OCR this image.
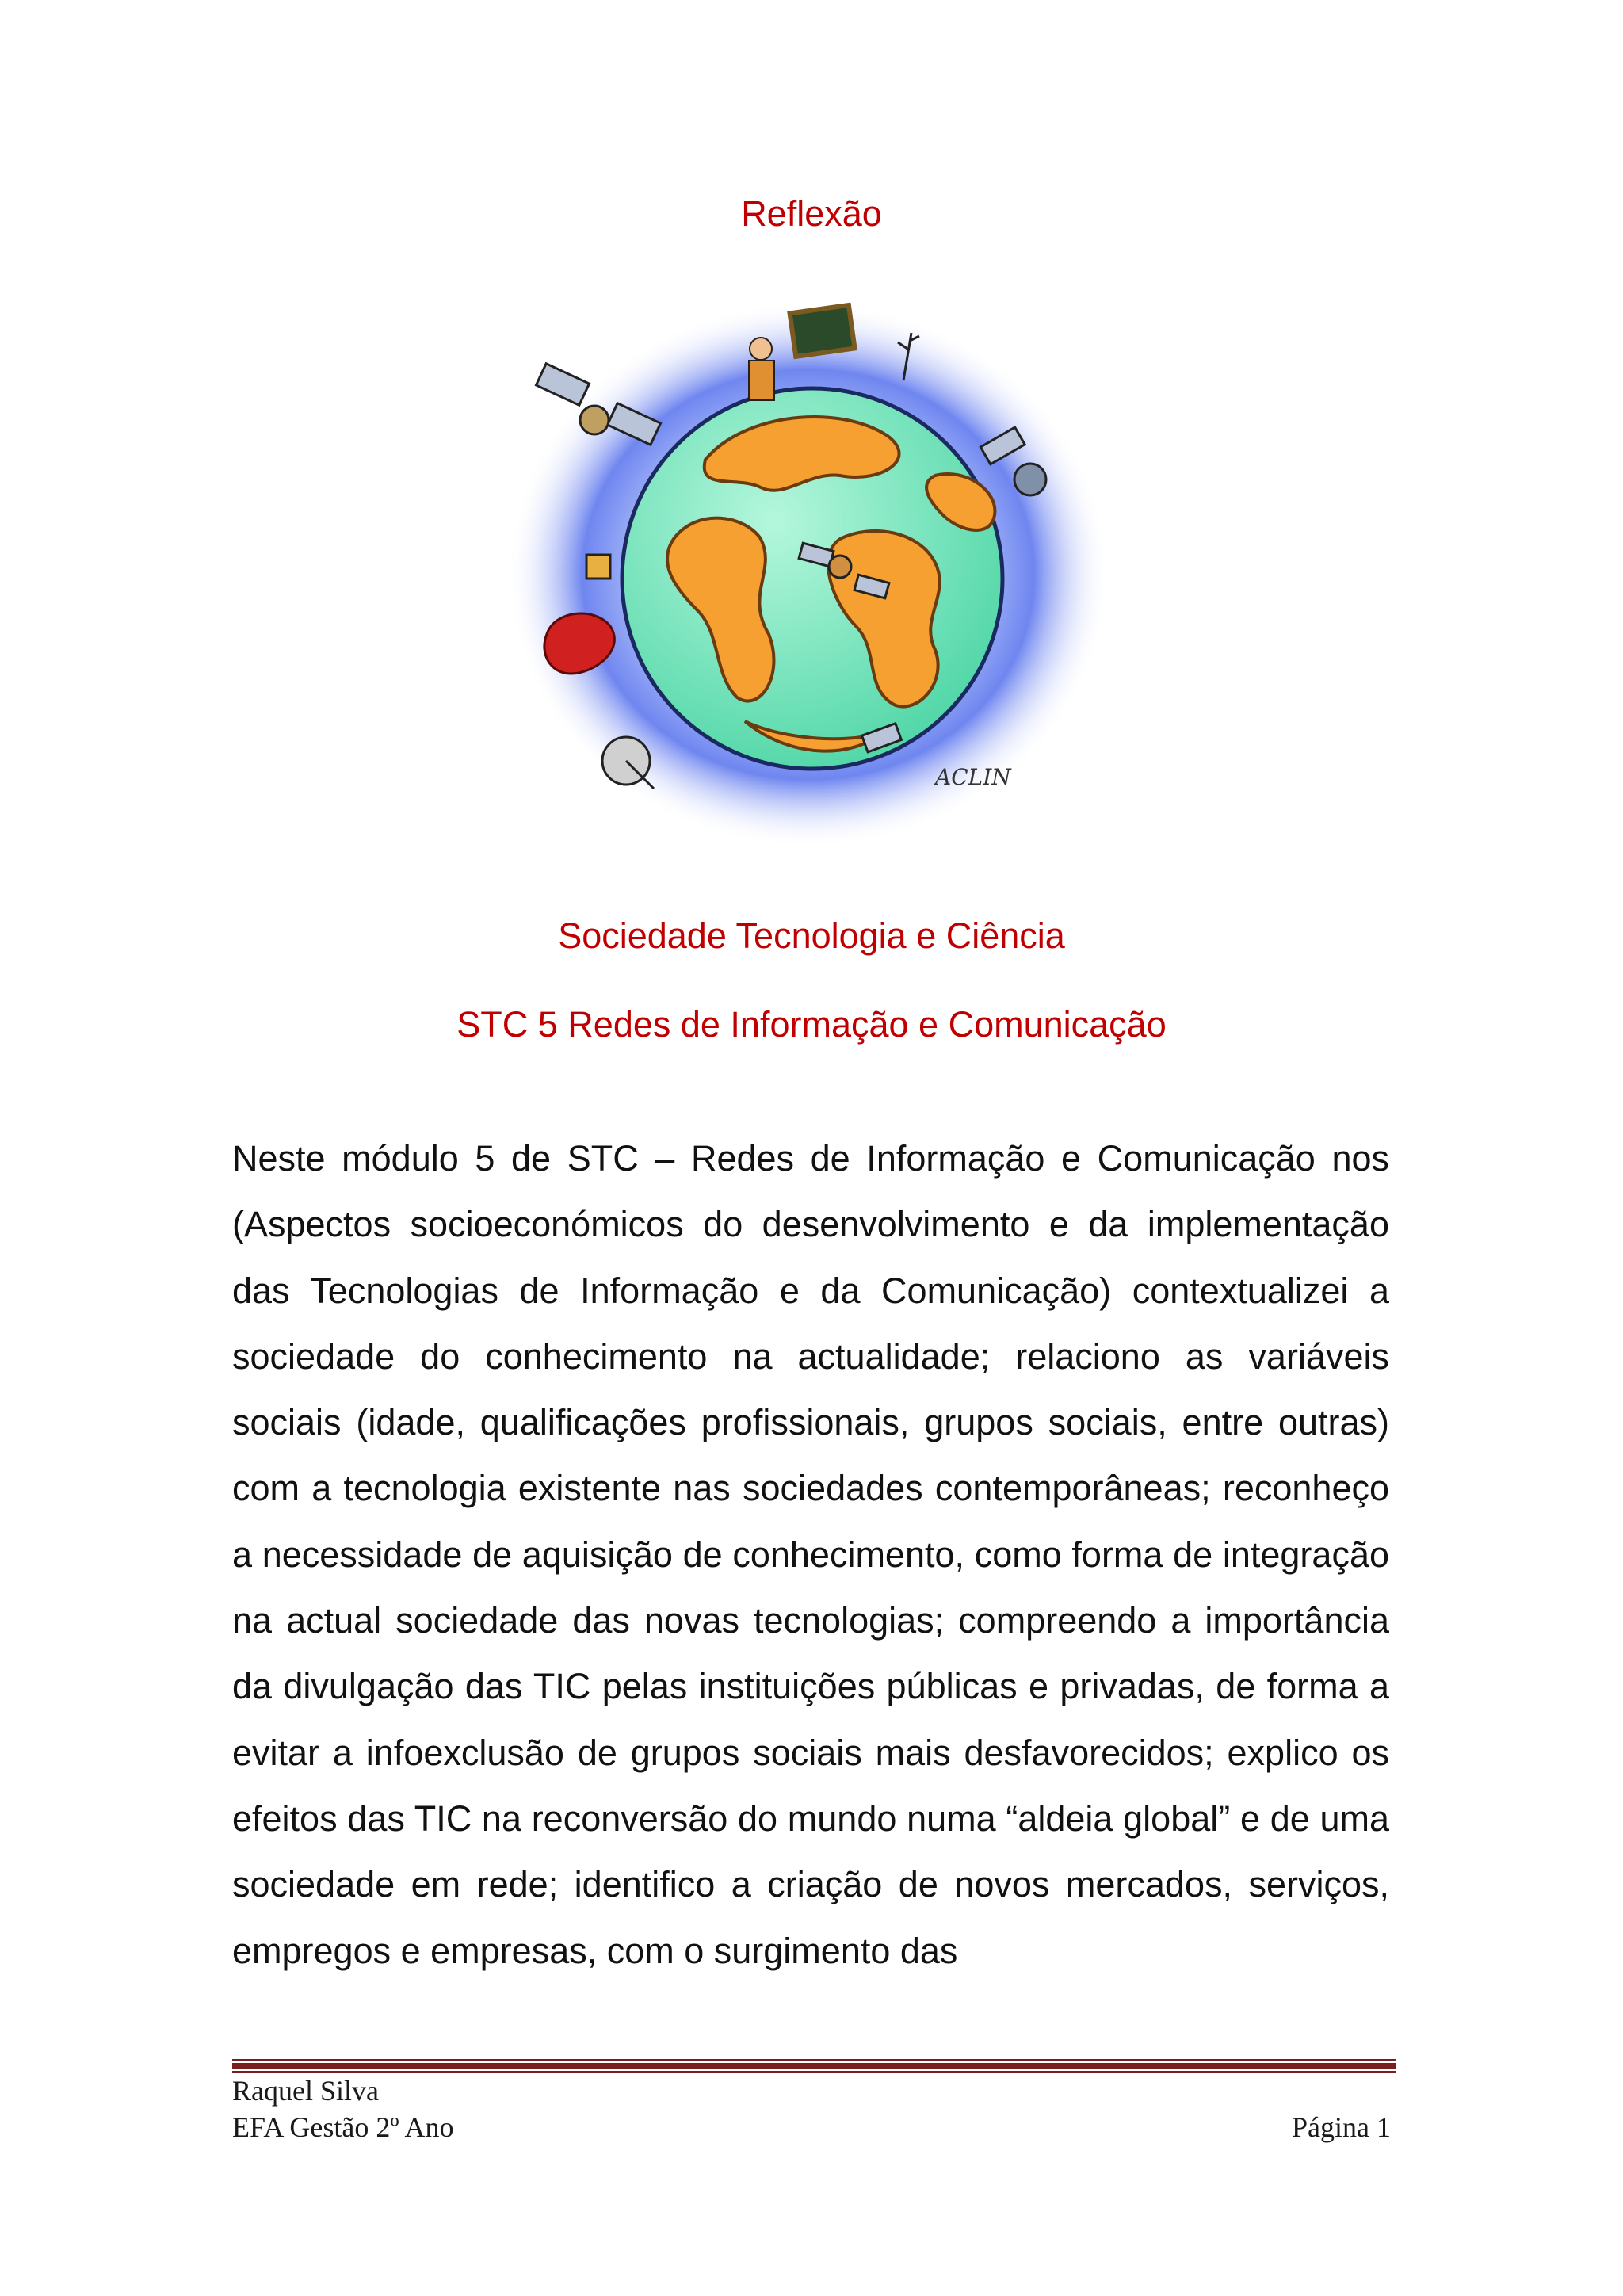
Reflexão
ACLIN
Sociedade Tecnologia e Ciência
STC 5 Redes de Informação e Comunicação

Neste módulo 5 de STC – Redes de Informação e Comunicação nos (Aspectos socioeconómicos do desenvolvimento e da implementação das Tecnologias de Informação e da Comunicação) contextualizei a sociedade do conhecimento na actualidade; relaciono as variáveis sociais (idade, qualificações profissionais, grupos sociais, entre outras) com a tecnologia existente nas sociedades contemporâneas; reconheço a necessidade de aquisição de conhecimento, como forma de integração na actual sociedade das novas tecnologias; compreendo a importância da divulgação das TIC pelas instituições públicas e privadas, de forma a evitar a infoexclusão de grupos sociais mais desfavorecidos; explico os efeitos das TIC na reconversão do mundo numa “aldeia global” e de uma sociedade em rede; identifico a criação de novos mercados, serviços, empregos e empresas, com o surgimento das

Raquel Silva

EFA Gestão 2º Ano	Página 1
